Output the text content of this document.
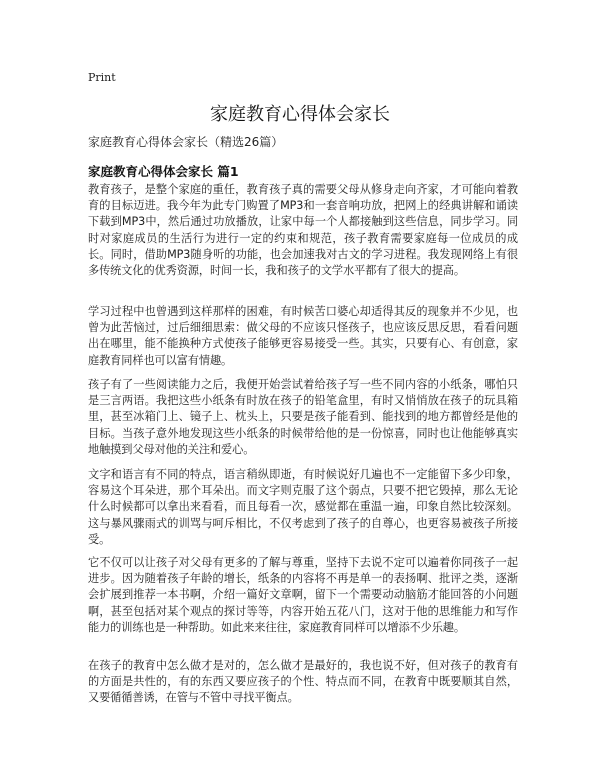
Print
家庭教育心得体会家长
家庭教育心得体会家长（精选26篇）
家庭教育心得体会家长 篇1

教育孩子，是整个家庭的重任，教育孩子真的需要父母从修身走向齐家，才可能向着教育的目标迈进。我今年为此专门购置了MP3和一套音响功放，把网上的经典讲解和诵读下载到MP3中，然后通过功放播放，让家中每一个人都接触到这些信息，同步学习。同时对家庭成员的生活行为进行一定的约束和规范，孩子教育需要家庭每一位成员的成长。同时，借助MP3随身听的功能，也会加速我对古文的学习进程。我发现网络上有很多传统文化的优秀资源，时间一长，我和孩子的文学水平都有了很大的提高。

学习过程中也曾遇到这样那样的困难，有时候苦口婆心却适得其反的现象并不少见，也曾为此苦恼过，过后细细思索：做父母的不应该只怪孩子，也应该反思反思，看看问题出在哪里，能不能换种方式使孩子能够更容易接受一些。其实，只要有心、有创意，家庭教育同样也可以富有情趣。

孩子有了一些阅读能力之后，我便开始尝试着给孩子写一些不同内容的小纸条，哪怕只是三言两语。我把这些小纸条有时放在孩子的铅笔盒里，有时又悄悄放在孩子的玩具箱里，甚至冰箱门上、镜子上、枕头上，只要是孩子能看到、能找到的地方都曾经是他的目标。当孩子意外地发现这些小纸条的时候带给他的是一份惊喜，同时也让他能够真实地触摸到父母对他的关注和爱心。

文字和语言有不同的特点，语言稍纵即逝，有时候说好几遍也不一定能留下多少印象，容易这个耳朵进，那个耳朵出。而文字则克服了这个弱点，只要不把它毁掉，那么无论什么时候都可以拿出来看看，而且每看一次，感觉都在重温一遍，印象自然比较深刻。这与暴风骤雨式的训骂与呵斥相比，不仅考虑到了孩子的自尊心，也更容易被孩子所接受。

它不仅可以让孩子对父母有更多的了解与尊重，坚持下去说不定可以遍着你同孩子一起进步。因为随着孩子年龄的增长，纸条的内容将不再是单一的表扬啊、批评之类，逐渐会扩展到推荐一本书啊，介绍一篇好文章啊，留下一个需要动动脑筋才能回答的小问题啊，甚至包括对某个观点的探讨等等，内容开始五花八门，这对于他的思维能力和写作能力的训练也是一种帮助。如此来来往往，家庭教育同样可以增添不少乐趣。

在孩子的教育中怎么做才是对的，怎么做才是最好的，我也说不好，但对孩子的教育有的方面是共性的，有的东西又要应孩子的个性、特点而不同，在教育中既要顺其自然，又要循循善诱，在管与不管中寻找平衡点。
